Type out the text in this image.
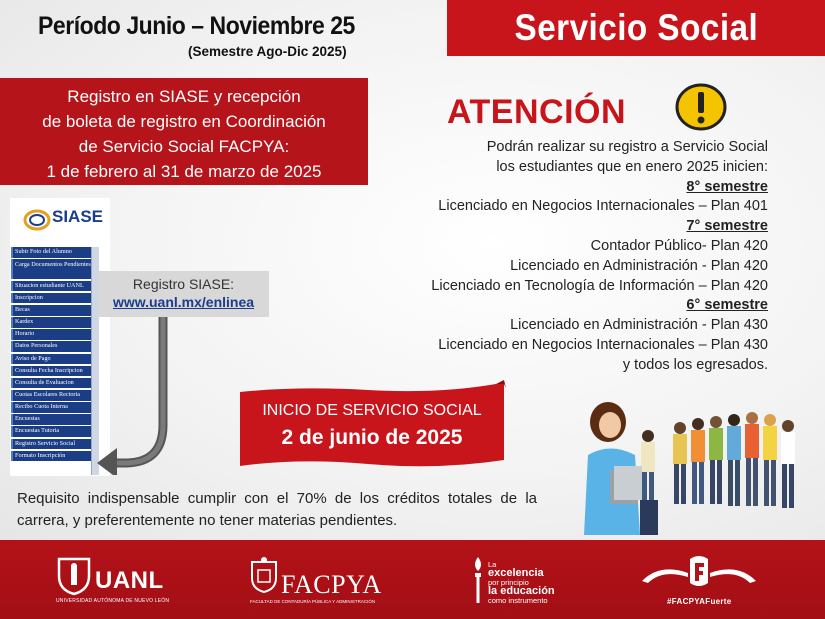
Período Junio – Noviembre 25
(Semestre Ago-Dic 2025)
Servicio Social
Registro en SIASE y recepción
de boleta de registro en Coordinación
de Servicio Social FACPYA:
1 de febrero al 31 de marzo de 2025
SIASE
Subir Foto del Alumno
Carga Documentos Pendientes
Situacion estudiante UANL
Inscripcion
Becas
Kardex
Horario
Datos Personales
Aviso de Pago
Consulta Fecha Inscripcion
Consulta de Evaluacion
Cuotas Escolares Rectoria
Recibo Cuota Interna
Encuestas
Encuestas Tutoria
Registro Servicio Social
Formato Inscripción
Registro SIASE:
www.uanl.mx/enlinea
ATENCIÓN
Podrán realizar su registro a Servicio Social
los estudiantes que en enero 2025 inicien:
8° semestre
Licenciado en Negocios Internacionales – Plan 401
7° semestre
Contador Público- Plan 420
Licenciado en Administración - Plan 420
Licenciado en Tecnología de Información – Plan 420
6° semestre
Licenciado en Administración - Plan 430
Licenciado en Negocios Internacionales – Plan 430
y todos los egresados.
INICIO DE SERVICIO SOCIAL
2 de junio de 2025
Requisito indispensable cumplir con el 70% de los créditos totales de la carrera, y preferentemente no tener materias pendientes.
UANL
UNIVERSIDAD AUTÓNOMA DE NUEVO LEÓN
FACPYA
FACULTAD DE CONTADURÍA PÚBLICA Y ADMINISTRACIÓN
La
excelencia
por principio
la educación
como instrumento	#FACPYAFuerte
